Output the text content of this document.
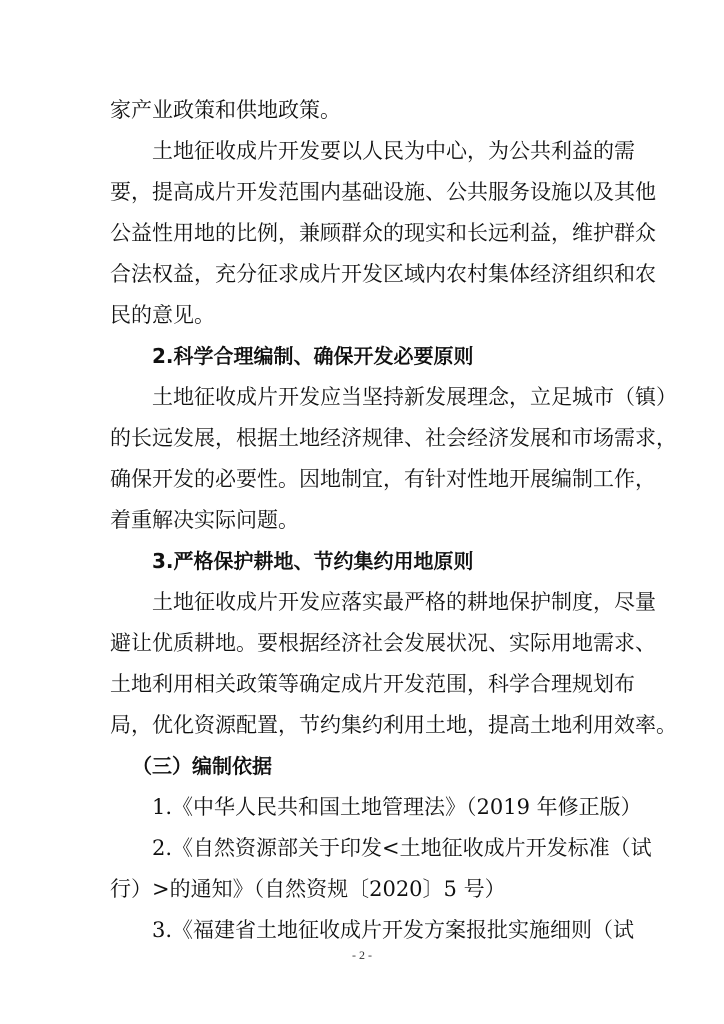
家产业政策和供地政策。
土地征收成片开发要以人民为中心，为公共利益的需
要，提高成片开发范围内基础设施、公共服务设施以及其他
公益性用地的比例，兼顾群众的现实和长远利益，维护群众
合法权益，充分征求成片开发区域内农村集体经济组织和农
民的意见。
2.科学合理编制、确保开发必要原则
土地征收成片开发应当坚持新发展理念，立足城市（镇）
的长远发展，根据土地经济规律、社会经济发展和市场需求，
确保开发的必要性。因地制宜，有针对性地开展编制工作，
着重解决实际问题。
3.严格保护耕地、节约集约用地原则
土地征收成片开发应落实最严格的耕地保护制度，尽量
避让优质耕地。要根据经济社会发展状况、实际用地需求、
土地利用相关政策等确定成片开发范围，科学合理规划布
局，优化资源配置，节约集约利用土地，提高土地利用效率。
（三）编制依据
1.《中华人民共和国土地管理法》（2019 年修正版）
2.《自然资源部关于印发<土地征收成片开发标准（试
行）>的通知》（自然资规〔2020〕5 号）
3.《福建省土地征收成片开发方案报批实施细则（试
- 2 -
